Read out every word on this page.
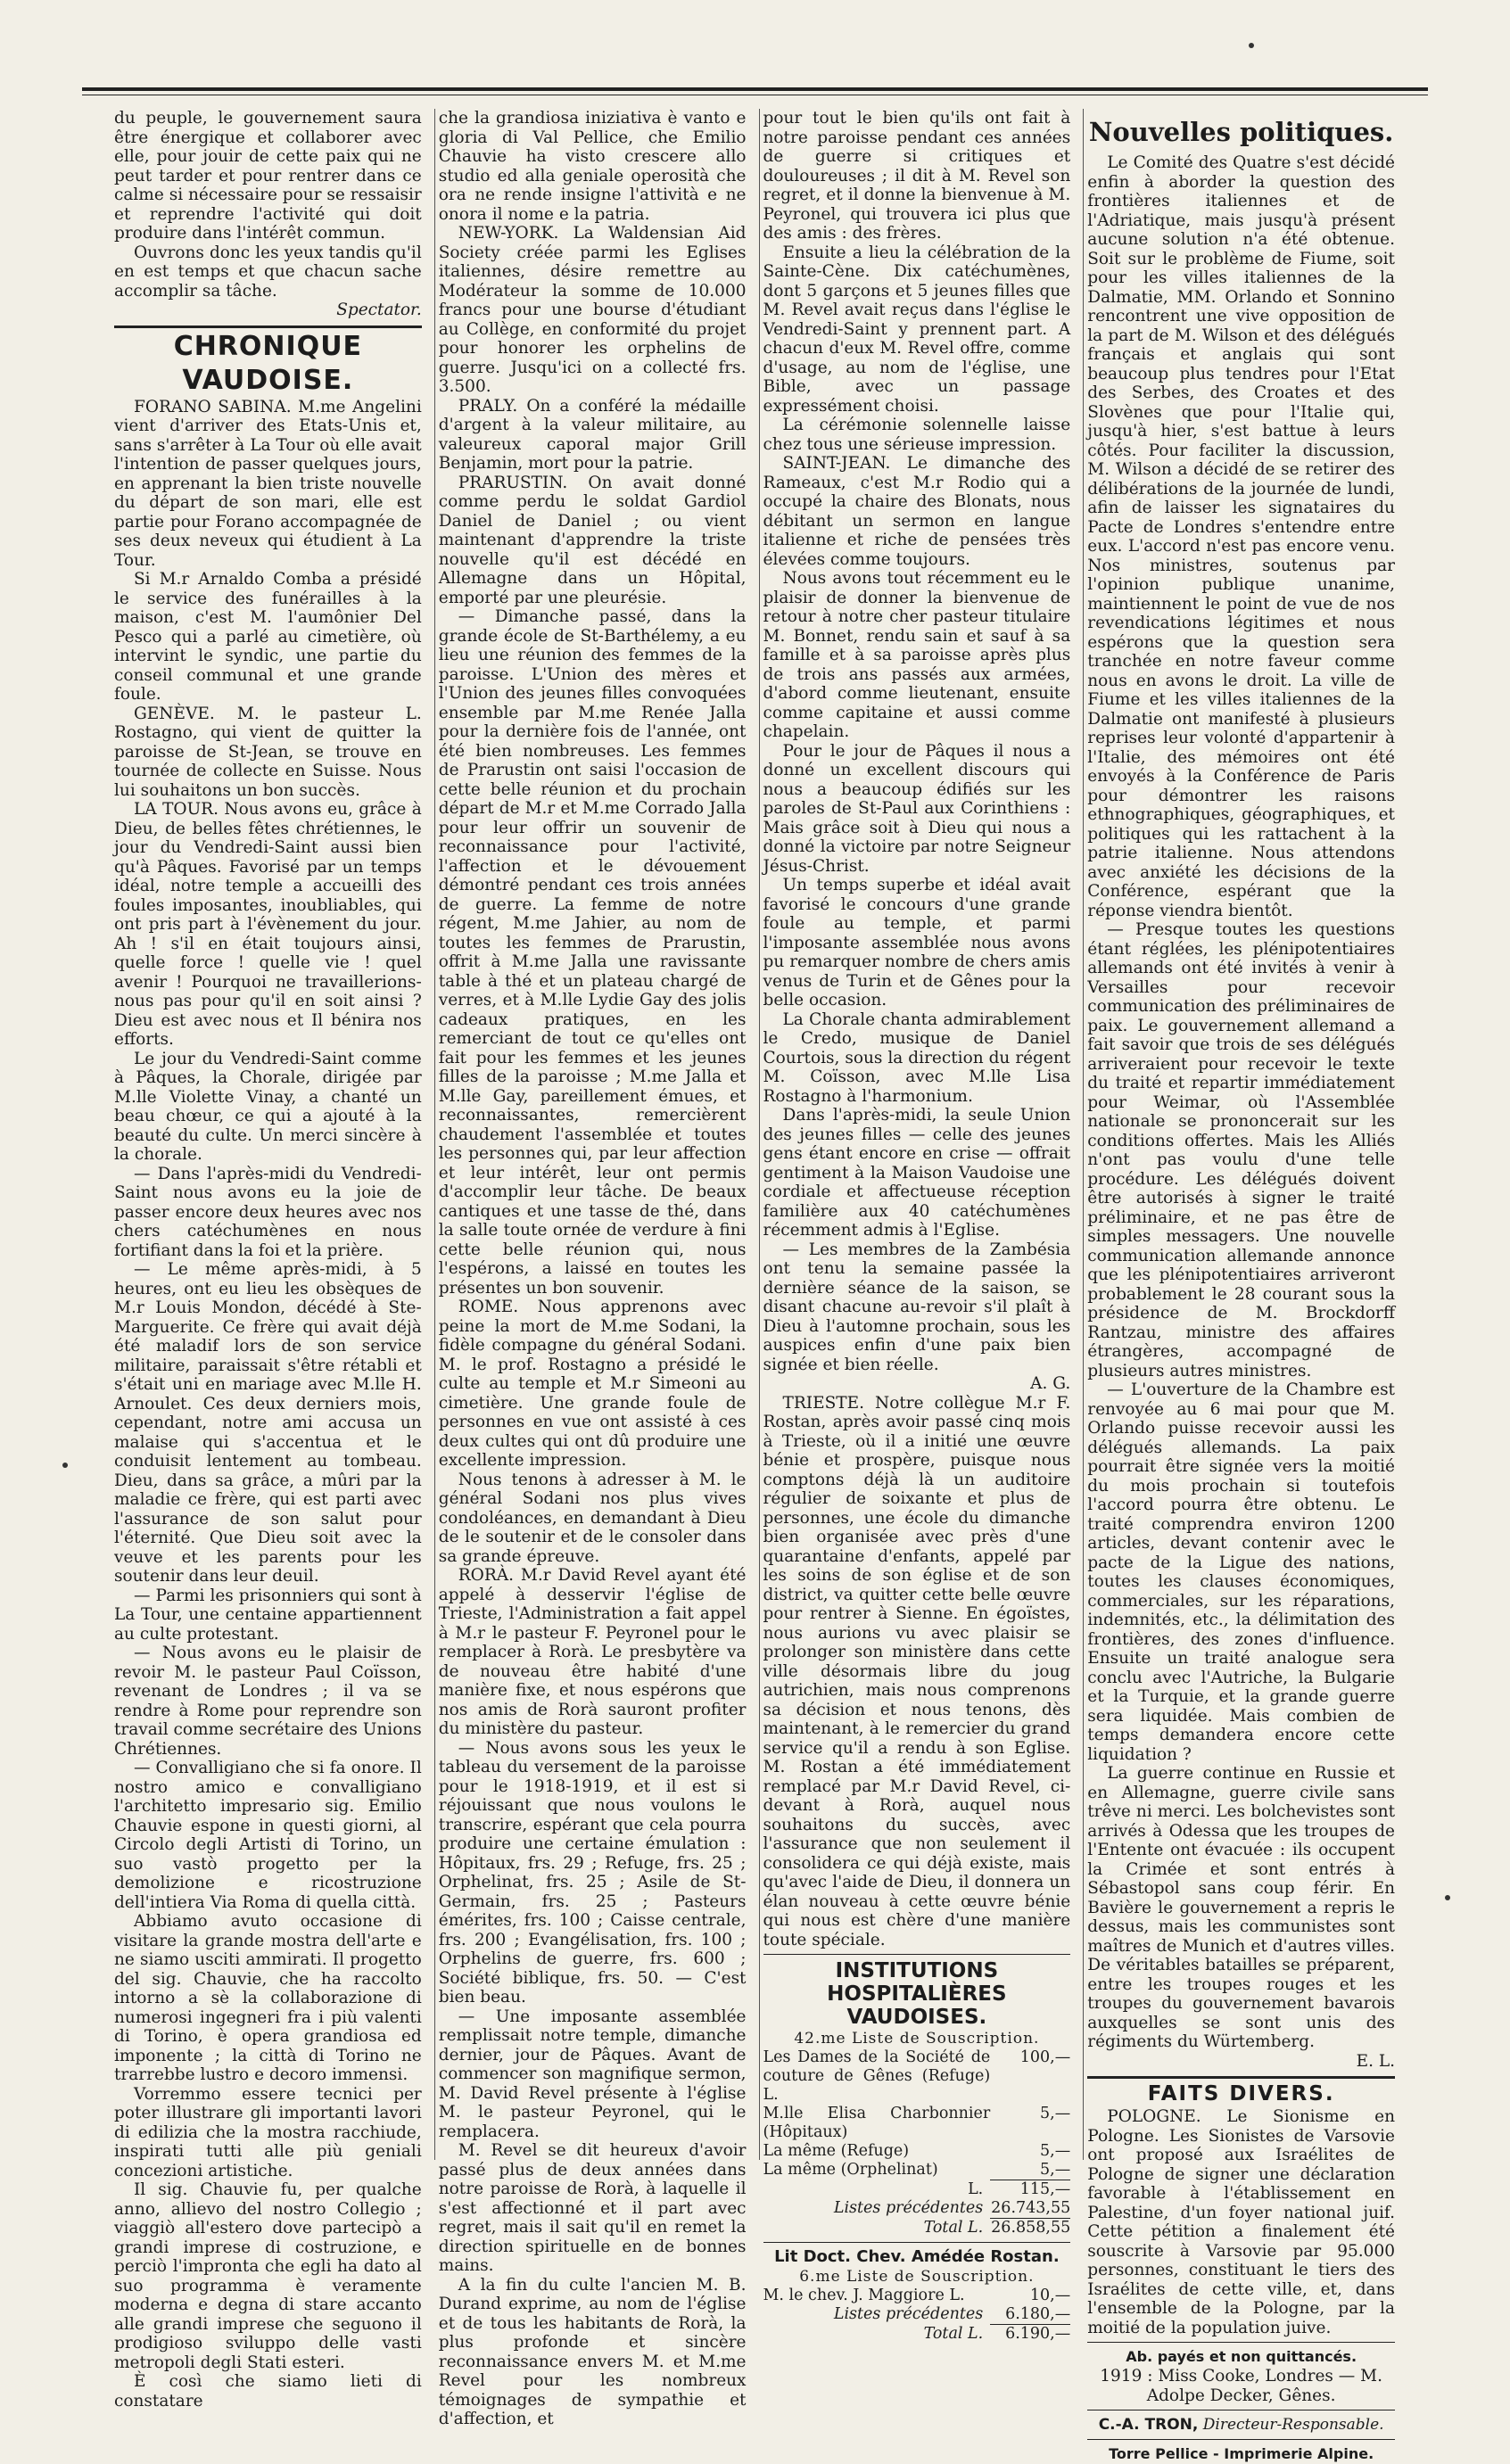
du peuple, le gouvernement saura être énergique et collaborer avec elle, pour jouir de cette paix qui ne peut tarder et pour rentrer dans ce calme si nécessaire pour se ressaisir et reprendre l'activité qui doit produire dans l'intérêt commun.

Ouvrons donc les yeux tandis qu'il en est temps et que chacun sache accomplir sa tâche.

Spectator.
CHRONIQUE VAUDOISE.

FORANO SABINA. M.me Angelini vient d'arriver des Etats-Unis et, sans s'arrêter à La Tour où elle avait l'intention de passer quelques jours, en apprenant la bien triste nouvelle du départ de son mari, elle est partie pour Forano accompagnée de ses deux neveux qui étudient à La Tour.

Si M.r Arnaldo Comba a présidé le service des funérailles à la maison, c'est M. l'aumônier Del Pesco qui a parlé au cimetière, où intervint le syndic, une partie du conseil communal et une grande foule.

GENÈVE. M. le pasteur L. Rostagno, qui vient de quitter la paroisse de St-Jean, se trouve en tournée de collecte en Suisse. Nous lui souhaitons un bon succès.

LA TOUR. Nous avons eu, grâce à Dieu, de belles fêtes chrétiennes, le jour du Vendredi-Saint aussi bien qu'à Pâques. Favorisé par un temps idéal, notre temple a accueilli des foules imposantes, inoubliables, qui ont pris part à l'évènement du jour. Ah ! s'il en était toujours ainsi, quelle force ! quelle vie ! quel avenir ! Pourquoi ne travaillerions-nous pas pour qu'il en soit ainsi ? Dieu est avec nous et Il bénira nos efforts.

Le jour du Vendredi-Saint comme à Pâques, la Chorale, dirigée par M.lle Violette Vinay, a chanté un beau chœur, ce qui a ajouté à la beauté du culte. Un merci sincère à la chorale.

— Dans l'après-midi du Vendredi-Saint nous avons eu la joie de passer encore deux heures avec nos chers catéchumènes en nous fortifiant dans la foi et la prière.

— Le même après-midi, à 5 heures, ont eu lieu les obsèques de M.r Louis Mondon, décédé à Ste-Marguerite. Ce frère qui avait déjà été maladif lors de son service militaire, paraissait s'être rétabli et s'était uni en mariage avec M.lle H. Arnoulet. Ces deux derniers mois, cependant, notre ami accusa un malaise qui s'accentua et le conduisit lentement au tombeau. Dieu, dans sa grâce, a mûri par la maladie ce frère, qui est parti avec l'assurance de son salut pour l'éternité. Que Dieu soit avec la veuve et les parents pour les soutenir dans leur deuil.

— Parmi les prisonniers qui sont à La Tour, une centaine appartiennent au culte protestant.

— Nous avons eu le plaisir de revoir M. le pasteur Paul Coïsson, revenant de Londres ; il va se rendre à Rome pour reprendre son travail comme secrétaire des Unions Chrétiennes.

— Convalligiano che si fa onore. Il nostro amico e convalligiano l'architetto impresario sig. Emilio Chauvie espone in questi giorni, al Circolo degli Artisti di Torino, un suo vastò progetto per la demolizione e ricostruzione dell'intiera Via Roma di quella città.

Abbiamo avuto occasione di visitare la grande mostra dell'arte e ne siamo usciti ammirati. Il progetto del sig. Chauvie, che ha raccolto intorno a sè la collaborazione di numerosi ingegneri fra i più valenti di Torino, è opera grandiosa ed imponente ; la città di Torino ne trarrebbe lustro e decoro immensi.

Vorremmo essere tecnici per poter illustrare gli importanti lavori di edilizia che la mostra racchiude, inspirati tutti alle più geniali concezioni artistiche.

Il sig. Chauvie fu, per qualche anno, allievo del nostro Collegio ; viaggiò all'estero dove partecipò a grandi imprese di costruzione, e perciò l'impronta che egli ha dato al suo programma è veramente moderna e degna di stare accanto alle grandi imprese che seguono il prodigioso sviluppo delle vasti metropoli degli Stati esteri.

È così che siamo lieti di constatare

che la grandiosa iniziativa è vanto e gloria di Val Pellice, che Emilio Chauvie ha visto crescere allo studio ed alla geniale operosità che ora ne rende insigne l'attività e ne onora il nome e la patria.

NEW-YORK. La Waldensian Aid Society créée parmi les Eglises italiennes, désire remettre au Modérateur la somme de 10.000 francs pour une bourse d'étudiant au Collège, en conformité du projet pour honorer les orphelins de guerre. Jusqu'ici on a collecté frs. 3.500.

PRALY. On a conféré la médaille d'argent à la valeur militaire, au valeureux caporal major Grill Benjamin, mort pour la patrie.

PRARUSTIN. On avait donné comme perdu le soldat Gardiol Daniel de Daniel ; ou vient maintenant d'apprendre la triste nouvelle qu'il est décédé en Allemagne dans un Hôpital, emporté par une pleurésie.

— Dimanche passé, dans la grande école de St-Barthélemy, a eu lieu une réunion des femmes de la paroisse. L'Union des mères et l'Union des jeunes filles convoquées ensemble par M.me Renée Jalla pour la dernière fois de l'année, ont été bien nombreuses. Les femmes de Prarustin ont saisi l'occasion de cette belle réunion et du prochain départ de M.r et M.me Corrado Jalla pour leur offrir un souvenir de reconnaissance pour l'activité, l'affection et le dévouement démontré pendant ces trois années de guerre. La femme de notre régent, M.me Jahier, au nom de toutes les femmes de Prarustin, offrit à M.me Jalla une ravissante table à thé et un plateau chargé de verres, et à M.lle Lydie Gay des jolis cadeaux pratiques, en les remerciant de tout ce qu'elles ont fait pour les femmes et les jeunes filles de la paroisse ; M.me Jalla et M.lle Gay, pareillement émues, et reconnaissantes, remercièrent chaudement l'assemblée et toutes les personnes qui, par leur affection et leur intérêt, leur ont permis d'accomplir leur tâche. De beaux cantiques et une tasse de thé, dans la salle toute ornée de verdure à fini cette belle réunion qui, nous l'espérons, a laissé en toutes les présentes un bon souvenir.

ROME. Nous apprenons avec peine la mort de M.me Sodani, la fidèle compagne du général Sodani. M. le prof. Rostagno a présidé le culte au temple et M.r Simeoni au cimetière. Une grande foule de personnes en vue ont assisté à ces deux cultes qui ont dû produire une excellente impression.

Nous tenons à adresser à M. le général Sodani nos plus vives condoléances, en demandant à Dieu de le soutenir et de le consoler dans sa grande épreuve.

RORÀ. M.r David Revel ayant été appelé à desservir l'église de Trieste, l'Administration a fait appel à M.r le pasteur F. Peyronel pour le remplacer à Rorà. Le presbytère va de nouveau être habité d'une manière fixe, et nous espérons que nos amis de Rorà sauront profiter du ministère du pasteur.

— Nous avons sous les yeux le tableau du versement de la paroisse pour le 1918-1919, et il est si réjouissant que nous voulons le transcrire, espérant que cela pourra produire une certaine émulation : Hôpitaux, frs. 29 ; Refuge, frs. 25 ; Orphelinat, frs. 25 ; Asile de St-Germain, frs. 25 ; Pasteurs émérites, frs. 100 ; Caisse centrale, frs. 200 ; Evangélisation, frs. 100 ; Orphelins de guerre, frs. 600 ; Société biblique, frs. 50. — C'est bien beau.

— Une imposante assemblée remplissait notre temple, dimanche dernier, jour de Pâques. Avant de commencer son magnifique sermon, M. David Revel présente à l'église M. le pasteur Peyronel, qui le remplacera.

M. Revel se dit heureux d'avoir passé plus de deux années dans notre paroisse de Rorà, à laquelle il s'est affectionné et il part avec regret, mais il sait qu'il en remet la direction spirituelle en de bonnes mains.

A la fin du culte l'ancien M. B. Durand exprime, au nom de l'église et de tous les habitants de Rorà, la plus profonde et sincère reconnaissance envers M. et M.me Revel pour les nombreux témoignages de sympathie et d'affection, et

pour tout le bien qu'ils ont fait à notre paroisse pendant ces années de guerre si critiques et douloureuses ; il dit à M. Revel son regret, et il donne la bienvenue à M. Peyronel, qui trouvera ici plus que des amis : des frères.

Ensuite a lieu la célébration de la Sainte-Cène. Dix catéchumènes, dont 5 garçons et 5 jeunes filles que M. Revel avait reçus dans l'église le Vendredi-Saint y prennent part. A chacun d'eux M. Revel offre, comme d'usage, au nom de l'église, une Bible, avec un passage expressément choisi.

La cérémonie solennelle laisse chez tous une sérieuse impression.

SAINT-JEAN. Le dimanche des Rameaux, c'est M.r Rodio qui a occupé la chaire des Blonats, nous débitant un sermon en langue italienne et riche de pensées très élevées comme toujours.

Nous avons tout récemment eu le plaisir de donner la bienvenue de retour à notre cher pasteur titulaire M. Bonnet, rendu sain et sauf à sa famille et à sa paroisse après plus de trois ans passés aux armées, d'abord comme lieutenant, ensuite comme capitaine et aussi comme chapelain.

Pour le jour de Pâques il nous a donné un excellent discours qui nous a beaucoup édifiés sur les paroles de St-Paul aux Corinthiens : Mais grâce soit à Dieu qui nous a donné la victoire par notre Seigneur Jésus-Christ.

Un temps superbe et idéal avait favorisé le concours d'une grande foule au temple, et parmi l'imposante assemblée nous avons pu remarquer nombre de chers amis venus de Turin et de Gênes pour la belle occasion.

La Chorale chanta admirablement le Credo, musique de Daniel Courtois, sous la direction du régent M. Coïsson, avec M.lle Lisa Rostagno à l'harmonium.

Dans l'après-midi, la seule Union des jeunes filles — celle des jeunes gens étant encore en crise — offrait gentiment à la Maison Vaudoise une cordiale et affectueuse réception familière aux 40 catéchumènes récemment admis à l'Eglise.

— Les membres de la Zambésia ont tenu la semaine passée la dernière séance de la saison, se disant chacune au-revoir s'il plaît à Dieu à l'automne prochain, sous les auspices enfin d'une paix bien signée et bien réelle.

A. G.

TRIESTE. Notre collègue M.r F. Rostan, après avoir passé cinq mois à Trieste, où il a initié une œuvre bénie et prospère, puisque nous comptons déjà là un auditoire régulier de soixante et plus de personnes, une école du dimanche bien organisée avec près d'une quarantaine d'enfants, appelé par les soins de son église et de son district, va quitter cette belle œuvre pour rentrer à Sienne. En égoïstes, nous aurions vu avec plaisir se prolonger son ministère dans cette ville désormais libre du joug autrichien, mais nous comprenons sa décision et nous tenons, dès maintenant, à le remercier du grand service qu'il a rendu à son Eglise. M. Rostan a été immédiatement remplacé par M.r David Revel, ci-devant à Rorà, auquel nous souhaitons du succès, avec l'assurance que non seulement il consolidera ce qui déjà existe, mais qu'avec l'aide de Dieu, il donnera un élan nouveau à cette œuvre bénie qui nous est chère d'une manière toute spéciale.

INSTITUTIONS
HOSPITALIÈRES VAUDOISES.
42.me Liste de Souscription.
Les Dames de la Société de couture de Gênes (Refuge) L.	100,—
M.lle Elisa Charbonnier (Hôpitaux)	5,—
La même (Refuge)	5,—
La même (Orphelinat)	5,—
L.	115,—
Listes précédentes	26.743,55
Total L.	26.858,55
Lit Doct. Chev. Amédée Rostan.
6.me Liste de Souscription.
M. le chev. J. Maggiore L.	10,—
Listes précédentes	6.180,—
Total L.	6.190,—
Nouvelles politiques.

Le Comité des Quatre s'est décidé enfin à aborder la question des frontières italiennes et de l'Adriatique, mais jusqu'à présent aucune solution n'a été obtenue. Soit sur le problème de Fiume, soit pour les villes italiennes de la Dalmatie, MM. Orlando et Sonnino rencontrent une vive opposition de la part de M. Wilson et des délégués français et anglais qui sont beaucoup plus tendres pour l'Etat des Serbes, des Croates et des Slovènes que pour l'Italie qui, jusqu'à hier, s'est battue à leurs côtés. Pour faciliter la discussion, M. Wilson a décidé de se retirer des délibérations de la journée de lundi, afin de laisser les signataires du Pacte de Londres s'entendre entre eux. L'accord n'est pas encore venu. Nos ministres, soutenus par l'opinion publique unanime, maintiennent le point de vue de nos revendications légitimes et nous espérons que la question sera tranchée en notre faveur comme nous en avons le droit. La ville de Fiume et les villes italiennes de la Dalmatie ont manifesté à plusieurs reprises leur volonté d'appartenir à l'Italie, des mémoires ont été envoyés à la Conférence de Paris pour démontrer les raisons ethnographiques, géographiques, et politiques qui les rattachent à la patrie italienne. Nous attendons avec anxiété les décisions de la Conférence, espérant que la réponse viendra bientôt.

— Presque toutes les questions étant réglées, les plénipotentiaires allemands ont été invités à venir à Versailles pour recevoir communication des préliminaires de paix. Le gouvernement allemand a fait savoir que trois de ses délégués arriveraient pour recevoir le texte du traité et repartir immédiatement pour Weimar, où l'Assemblée nationale se prononcerait sur les conditions offertes. Mais les Alliés n'ont pas voulu d'une telle procédure. Les délégués doivent être autorisés à signer le traité préliminaire, et ne pas être de simples messagers. Une nouvelle communication allemande annonce que les plénipotentiaires arriveront probablement le 28 courant sous la présidence de M. Brockdorff Rantzau, ministre des affaires étrangères, accompagné de plusieurs autres ministres.

— L'ouverture de la Chambre est renvoyée au 6 mai pour que M. Orlando puisse recevoir aussi les délégués allemands. La paix pourrait être signée vers la moitié du mois prochain si toutefois l'accord pourra être obtenu. Le traité comprendra environ 1200 articles, devant contenir avec le pacte de la Ligue des nations, toutes les clauses économiques, commerciales, sur les réparations, indemnités, etc., la délimitation des frontières, des zones d'influence. Ensuite un traité analogue sera conclu avec l'Autriche, la Bulgarie et la Turquie, et la grande guerre sera liquidée. Mais combien de temps demandera encore cette liquidation ?

La guerre continue en Russie et en Allemagne, guerre civile sans trêve ni merci. Les bolchevistes sont arrivés à Odessa que les troupes de l'Entente ont évacuée : ils occupent la Crimée et sont entrés à Sébastopol sans coup férir. En Bavière le gouvernement a repris le dessus, mais les communistes sont maîtres de Munich et d'autres villes. De véritables batailles se préparent, entre les troupes rouges et les troupes du gouvernement bavarois auxquelles se sont unis des régiments du Würtemberg.

E. L.
FAITS DIVERS.

POLOGNE. Le Sionisme en Pologne. Les Sionistes de Varsovie ont proposé aux Israélites de Pologne de signer une déclaration favorable à l'établissement en Palestine, d'un foyer national juif. Cette pétition a finalement été souscrite à Varsovie par 95.000 personnes, constituant le tiers des Israélites de cette ville, et, dans l'ensemble de la Pologne, par la moitié de la population juive.

Ab. payés et non quittancés.

1919 : Miss Cooke, Londres — M. Adolpe Decker, Gênes.

C.-A. TRON, Directeur-Responsable.
Torre Pellice - Imprimerie Alpine.
